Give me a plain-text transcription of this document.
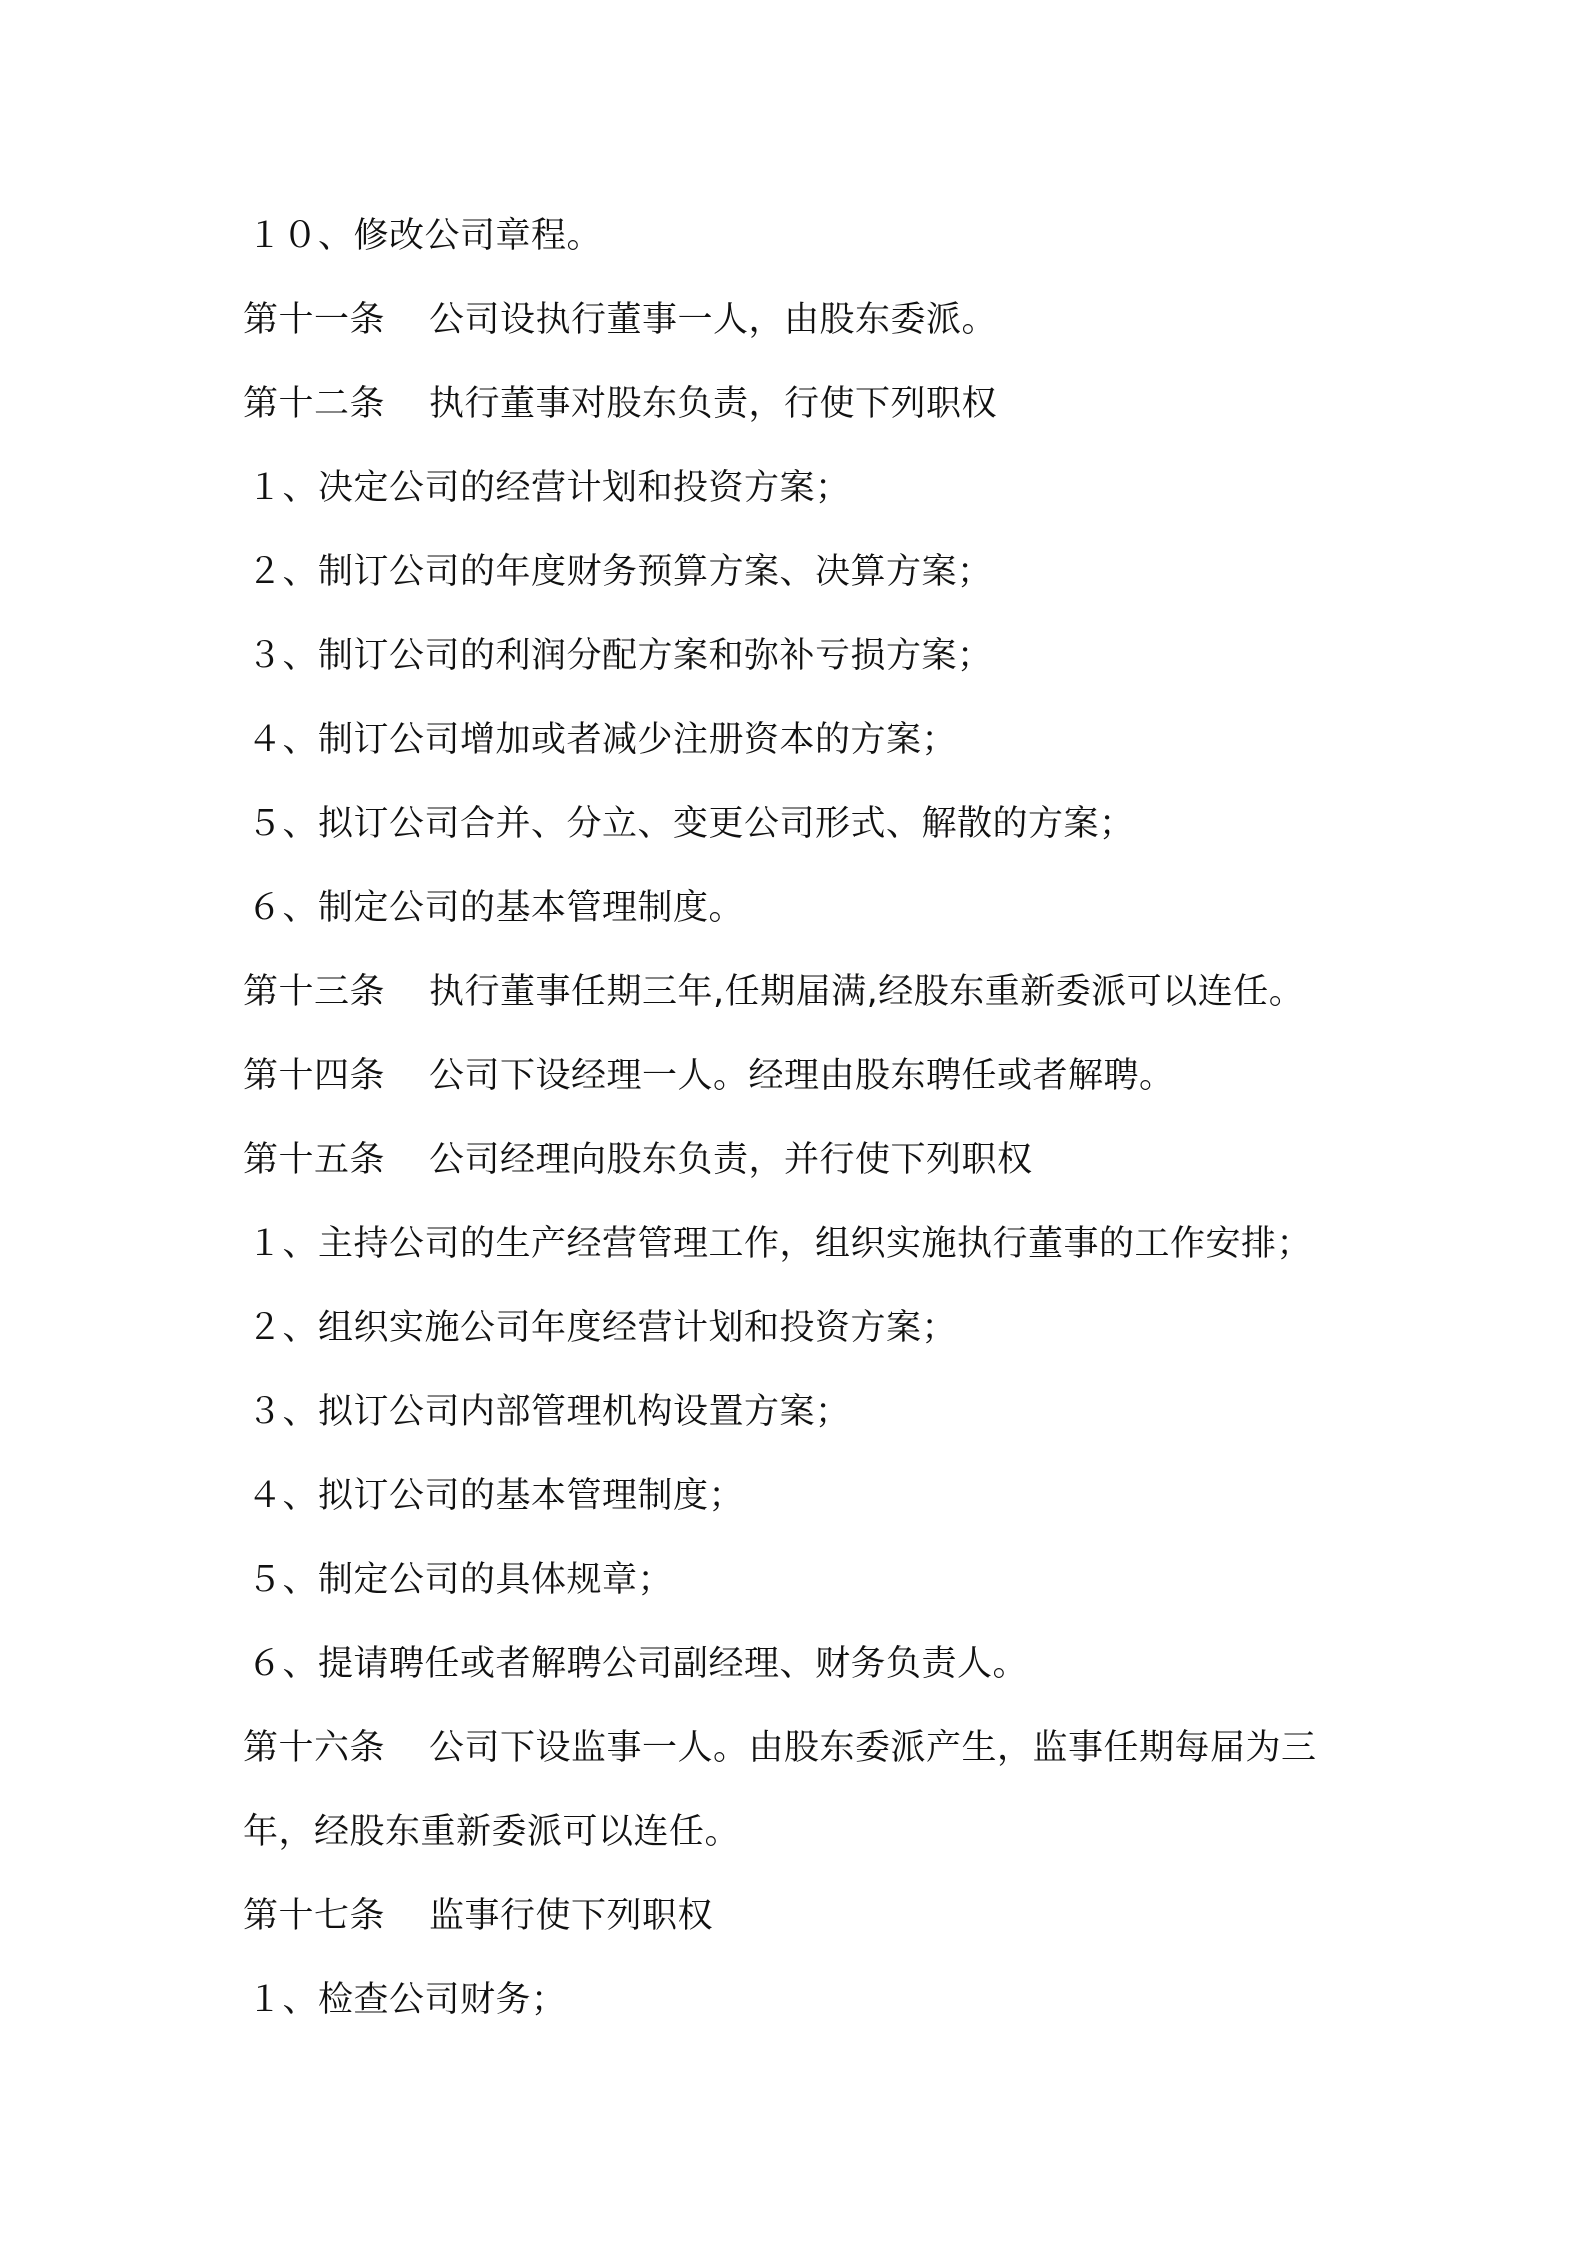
１０、修改公司章程。
第十一条 公司设执行董事一人，由股东委派。
第十二条 执行董事对股东负责，行使下列职权
１、决定公司的经营计划和投资方案；
２、制订公司的年度财务预算方案、决算方案；
３、制订公司的利润分配方案和弥补亏损方案；
４、制订公司增加或者减少注册资本的方案；
５、拟订公司合并、分立、变更公司形式、解散的方案；
６、制定公司的基本管理制度。
第十三条 执行董事任期三年,任期届满,经股东重新委派可以连任。
第十四条 公司下设经理一人。经理由股东聘任或者解聘。
第十五条 公司经理向股东负责，并行使下列职权
１、主持公司的生产经营管理工作，组织实施执行董事的工作安排；
２、组织实施公司年度经营计划和投资方案；
３、拟订公司内部管理机构设置方案；
４、拟订公司的基本管理制度；
５、制定公司的具体规章；
６、提请聘任或者解聘公司副经理、财务负责人。
第十六条 公司下设监事一人。由股东委派产生，监事任期每届为三
年，经股东重新委派可以连任。
第十七条 监事行使下列职权
１、检查公司财务；
